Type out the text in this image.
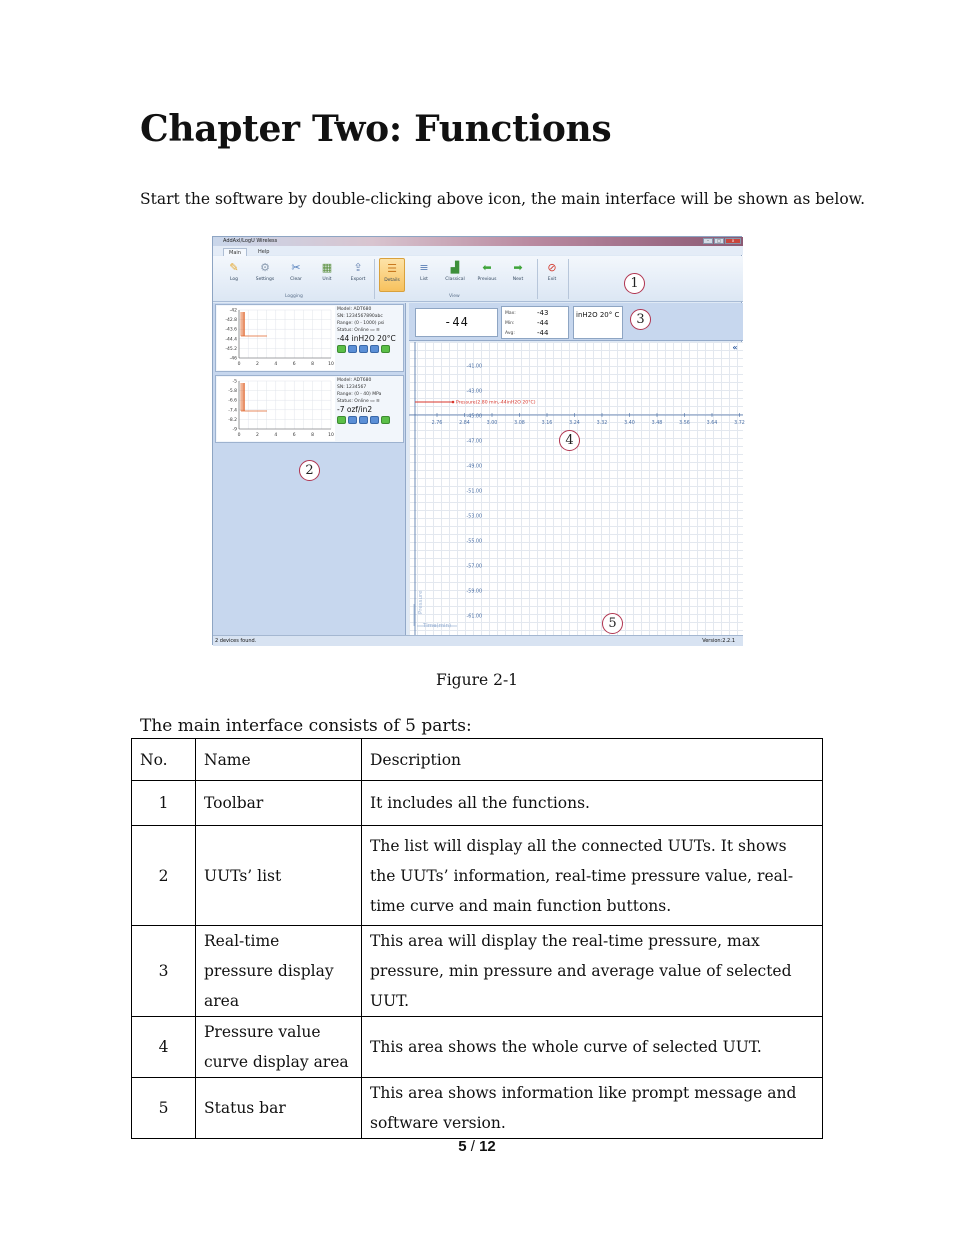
Chapter Two: Functions
Start the software by double-clicking above icon, the main interface will be shown as below.
AddAxl/LogU Wireless	–	□	x
Main	Help
✎
Log
⚙
Settings
✂
Clear
▦
Unit
⇪
Export
☰
Details
≡
List
▟
Classical
⬅
Previous
➡
Next
⊘
Exit
Logging	View
1
-42
-42.8
-43.6
-44.4
-45.2
-46
0	2	4	6	8	10
Model: ADT680
SN: 1234567890abc
Range: (0 - 1000) psi
Status: Online ▭ ≋
-44 inH2O 20°C
-5
-5.8
-6.6
-7.4
-8.2
-9
0	2	4	6	8	10
Model: ADT680
SN: 1234567
Range: (0 - 40) MPa
Status: Online ▭ ≋
-7 ozf/in2
2
-44
Max:	-43
Min:	-44
Avg:	-44
inH2O 20° C	3
-41.00
-43.00
-45.00
-47.00
-49.00
-51.00
-53.00
-55.00
-57.00
-59.00
-61.00
2.76	2.84	3.00	3.08	3.16	3.24	3.32	3.40	3.48	3.56	3.64	3.72
Pressure(2.80 min,-44inH2O 20°C)
Pressure
Time(min)
«
4
5
2 devices found.	Version:2.2.1
Figure 2-1
The main interface consists of 5 parts:
No.	Name	Description
1	Toolbar	It includes all the functions.
2	UUTs’ list	The list will display all the connected UUTs. It shows the UUTs’ information, real-time pressure value, real-time curve and main function buttons.
3	Real-time pressure display area	This area will display the real-time pressure, max pressure, min pressure and average value of selected UUT.
4	Pressure value curve display area	This area shows the whole curve of selected UUT.
5	Status bar	This area shows information like prompt message and software version.
5 / 12
